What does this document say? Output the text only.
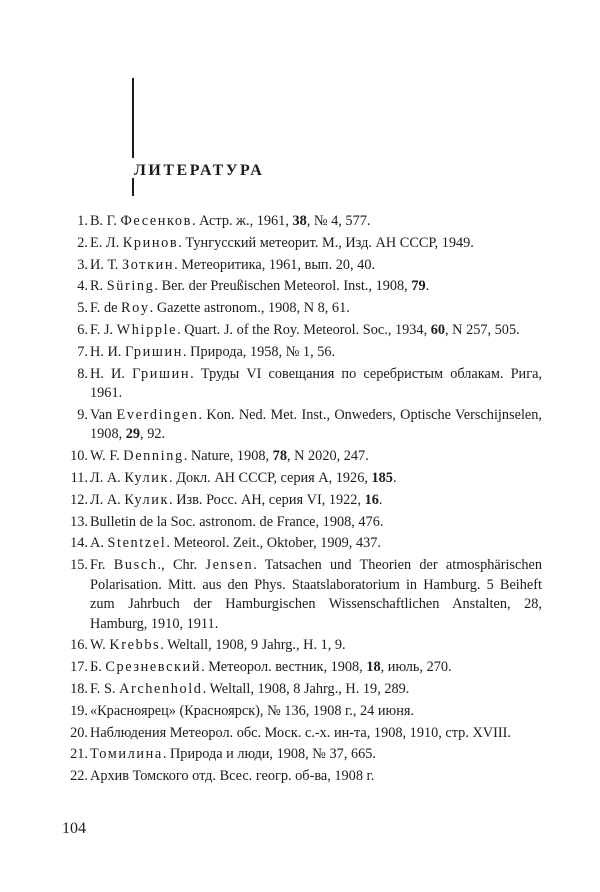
ЛИТЕРАТУРА
1. В. Г. Фесенков. Астр. ж., 1961, 38, № 4, 577.
2. Е. Л. Кринов. Тунгусский метеорит. М., Изд. АН СССР, 1949.
3. И. Т. Зоткин. Метеоритика, 1961, вып. 20, 40.
4. R. Süring. Ber. der Preußischen Meteorol. Inst., 1908, 79.
5. F. de Roy. Gazette astronom., 1908, N 8, 61.
6. F. J. Whipple. Quart. J. of the Roy. Meteorol. Soc., 1934, 60, N 257, 505.
7. Н. И. Гришин. Природа, 1958, № 1, 56.
8. Н. И. Гришин. Труды VI совещания по серебристым облакам. Рига, 1961.
9. Van Everdingen. Kon. Ned. Met. Inst., Onweders, Optische Verschijnselen, 1908, 29, 92.
10. W. F. Denning. Nature, 1908, 78, N 2020, 247.
11. Л. А. Кулик. Докл. АН СССР, серия А, 1926, 185.
12. Л. А. Кулик. Изв. Росс. АН, серия VI, 1922, 16.
13. Bulletin de la Soc. astronom. de France, 1908, 476.
14. A. Stentzel. Meteorol. Zeit., Oktober, 1909, 437.
15. Fr. Busch., Chr. Jensen. Tatsachen und Theorien der atmosphärischen Polarisation. Mitt. aus den Phys. Staatslaboratorium in Hamburg. 5 Beiheft zum Jahrbuch der Hamburgischen Wissenschaftlichen Anstalten, 28, Hamburg, 1910, 1911.
16. W. Krebbs. Weltall, 1908, 9 Jahrg., H. 1, 9.
17. Б. Срезневский. Метеорол. вестник, 1908, 18, июль, 270.
18. F. S. Archenhold. Weltall, 1908, 8 Jahrg., H. 19, 289.
19. «Красноярец» (Красноярск), № 136, 1908 г., 24 июня.
20. Наблюдения Метеорол. обс. Моск. с.-х. ин-та, 1908, 1910, стр. XVIII.
21. Томилина. Природа и люди, 1908, № 37, 665.
22. Архив Томского отд. Всес. геогр. об-ва, 1908 г.

104
